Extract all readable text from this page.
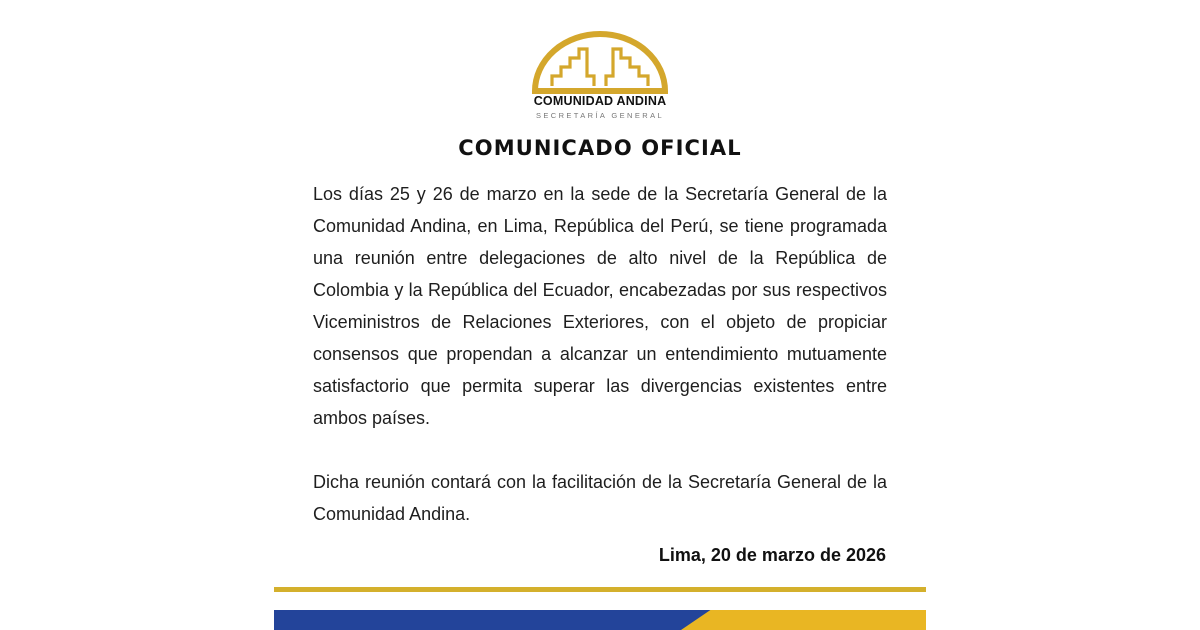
COMUNIDAD ANDINA
SECRETARÍA GENERAL
COMUNICADO OFICIAL

Los días 25 y 26 de marzo en la sede de la Secretaría General de la Comunidad Andina, en Lima, República del Perú, se tiene programada una reunión entre delegaciones de alto nivel de la República de Colombia y la República del Ecuador, encabezadas por sus respectivos Viceministros de Relaciones Exteriores, con el objeto de propiciar consensos que propendan a alcanzar un entendimiento mutuamente satisfactorio que permita superar las divergencias existentes entre ambos países.

Dicha reunión contará con la facilitación de la Secretaría General de la Comunidad Andina.

Lima, 20 de marzo de 2026
